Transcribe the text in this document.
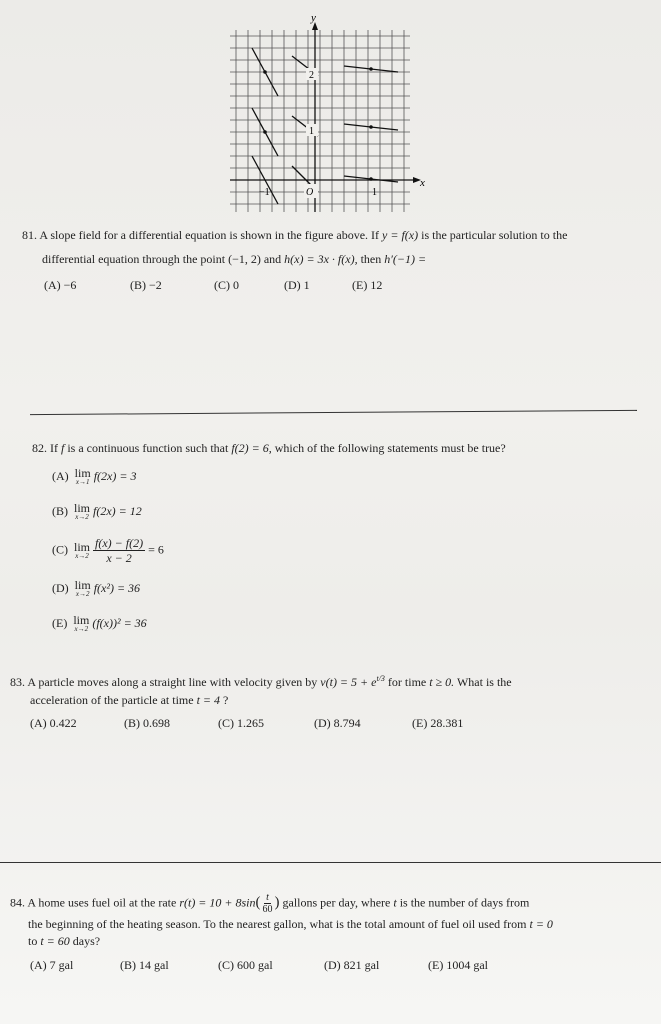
y
x
2
1
O
−1	1
81. A slope field for a differential equation is shown in the figure above. If y = f(x) is the particular solution to the
differential equation through the point (−1, 2) and h(x) = 3x · f(x), then h′(−1) =
(A) −6	(B) −2	(C) 0	(D) 1	(E) 12
82. If f is a continuous function such that f(2) = 6, which of the following statements must be true?
(A) lim
x→1 f(2x) = 3
(B) lim
x→2 f(2x) = 12
(C) lim
x→2
$\frac{f(x) - f(2)}{x - 2} = 6$
(D) lim
x→2 f(x²) = 36
(E) lim
x→2 (f(x))² = 36
83. A particle moves along a straight line with velocity given by $v(t) = 5 + e^{t/3}$ for time t ≥ 0. What is the
acceleration of the particle at time t = 4 ?
(A) 0.422	(B) 0.698	(C) 1.265	(D) 8.794	(E) 28.381
84. A home uses fuel oil at the rate $r(t) = 10 + 8\sin( \frac{t}{60}$ ) gallons per day, where t is the number of days from
the beginning of the heating season. To the nearest gallon, what is the total amount of fuel oil used from t = 0
to t = 60 days?
(A) 7 gal	(B) 14 gal	(C) 600 gal	(D) 821 gal	(E) 1004 gal
